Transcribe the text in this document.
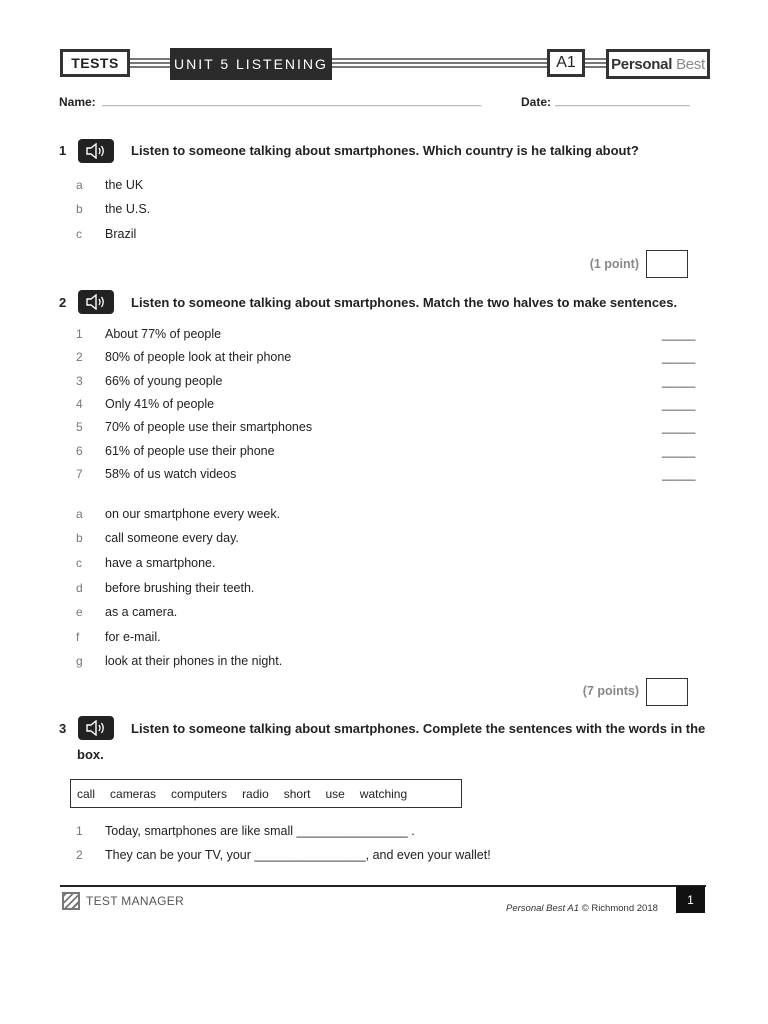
TESTS	UNIT 5 LISTENING	A1	Personal Best
Name: ______________________________________________________________	Date: ______________________
1	Listen to someone talking about smartphones. Which country is he talking about?
a	the UK
b	the U.S.
c	Brazil
(1 point)
2	Listen to someone talking about smartphones. Match the two halves to make sentences.
1	About 77% of people	_____
2	80% of people look at their phone	_____
3	66% of young people	_____
4	Only 41% of people	_____
5	70% of people use their smartphones	_____
6	61% of people use their phone	_____
7	58% of us watch videos	_____
a	on our smartphone every week.
b	call someone every day.
c	have a smartphone.
d	before brushing their teeth.
e	as a camera.
f	for e-mail.
g	look at their phones in the night.
(7 points)
3	Listen to someone talking about smartphones. Complete the sentences with the words in the
box.
call cameras computers radio short use watching
1	Today, smartphones are like small ________________ .
2	They can be your TV, your ________________, and even your wallet!
1
TEST MANAGER
Personal Best A1 © Richmond 2018
